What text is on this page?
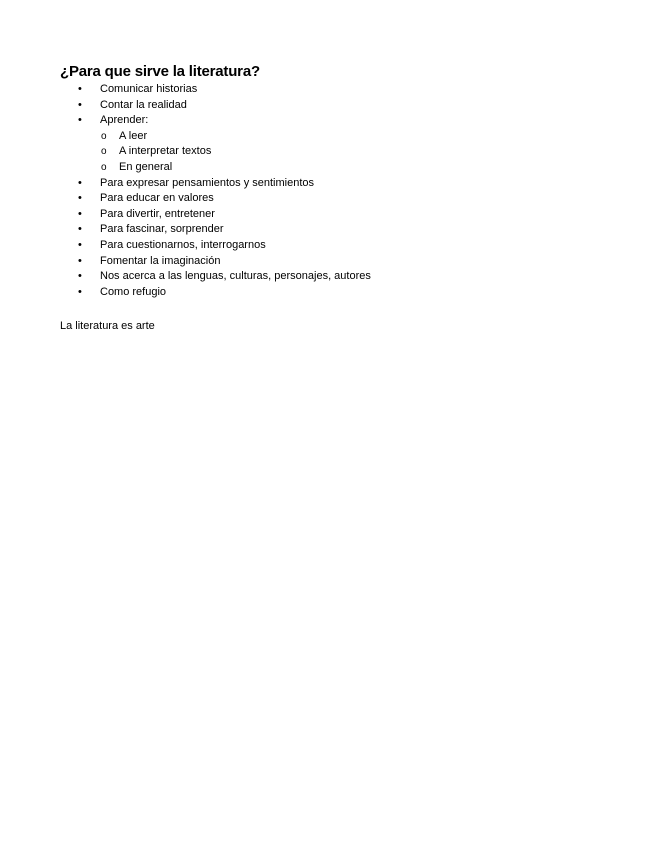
¿Para que sirve la literatura?
• Comunicar historias
• Contar la realidad
• Aprender:
o A leer
o A interpretar textos
o En general
• Para expresar pensamientos y sentimientos
• Para educar en valores
• Para divertir, entretener
• Para fascinar, sorprender
• Para cuestionarnos, interrogarnos
• Fomentar la imaginación
• Nos acerca a las lenguas, culturas, personajes, autores
• Como refugio

La literatura es arte
